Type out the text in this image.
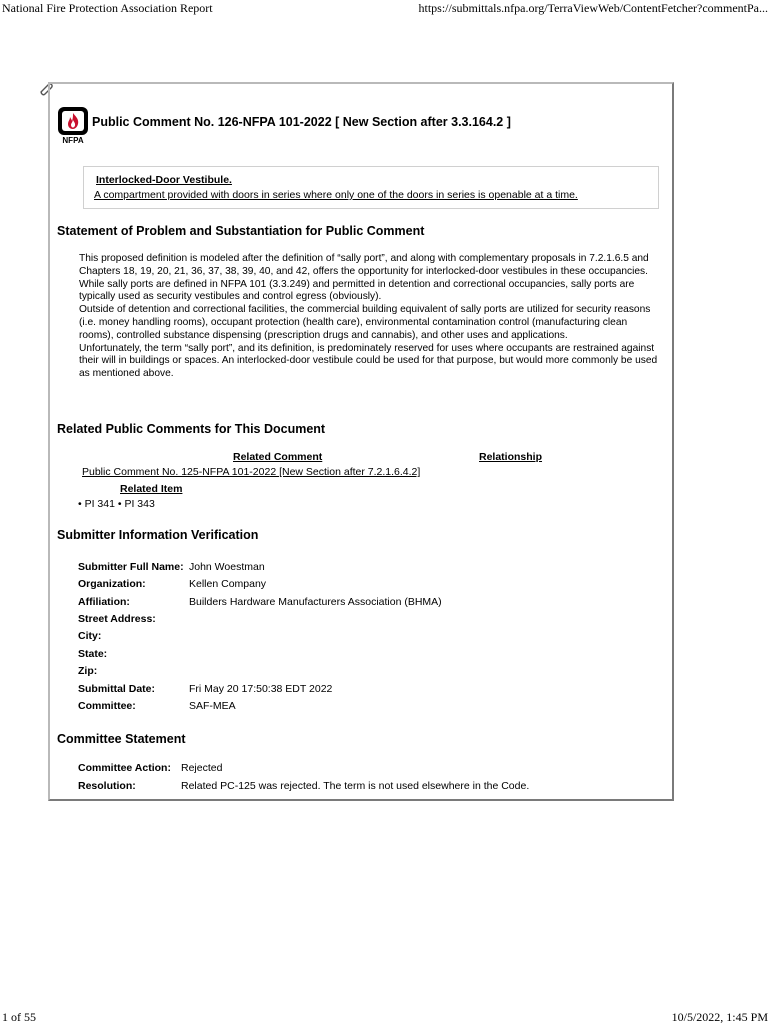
National Fire Protection Association Report	https://submittals.nfpa.org/TerraViewWeb/ContentFetcher?commentPa...
NFPA
Public Comment No. 126-NFPA 101-2022 [ New Section after 3.3.164.2 ]
Interlocked-Door Vestibule.
A compartment provided with doors in series where only one of the doors in series is openable at a time.
Statement of Problem and Substantiation for Public Comment

This proposed definition is modeled after the definition of “sally port”, and along with complementary proposals in 7.2.1.6.5 and Chapters 18, 19, 20, 21, 36, 37, 38, 39, 40, and 42, offers the opportunity for interlocked-door vestibules in these occupancies.

While sally ports are defined in NFPA 101 (3.3.249) and permitted in detention and correctional occupancies, sally ports are typically used as security vestibules and control egress (obviously).

Outside of detention and correctional facilities, the commercial building equivalent of sally ports are utilized for security reasons (i.e. money handling rooms), occupant protection (health care), environmental contamination control (manufacturing clean rooms), controlled substance dispensing (prescription drugs and cannabis), and other uses and applications.

Unfortunately, the term “sally port”, and its definition, is predominately reserved for uses where occupants are restrained against their will in buildings or spaces. An interlocked-door vestibule could be used for that purpose, but would more commonly be used as mentioned above.

Related Public Comments for This Document
Related Comment	Relationship
Public Comment No. 125-NFPA 101-2022 [New Section after 7.2.1.6.4.2]
Related Item
• PI 341 • PI 343
Submitter Information Verification
Submitter Full Name: John Woestman
Organization:	Kellen Company
Affiliation:	Builders Hardware Manufacturers Association (BHMA)
Street Address:
City:
State:
Zip:
Submittal Date:	Fri May 20 17:50:38 EDT 2022
Committee:	SAF-MEA
Committee Statement
Committee Action: Rejected
Resolution:	Related PC-125 was rejected. The term is not used elsewhere in the Code.
1 of 55	10/5/2022, 1:45 PM
